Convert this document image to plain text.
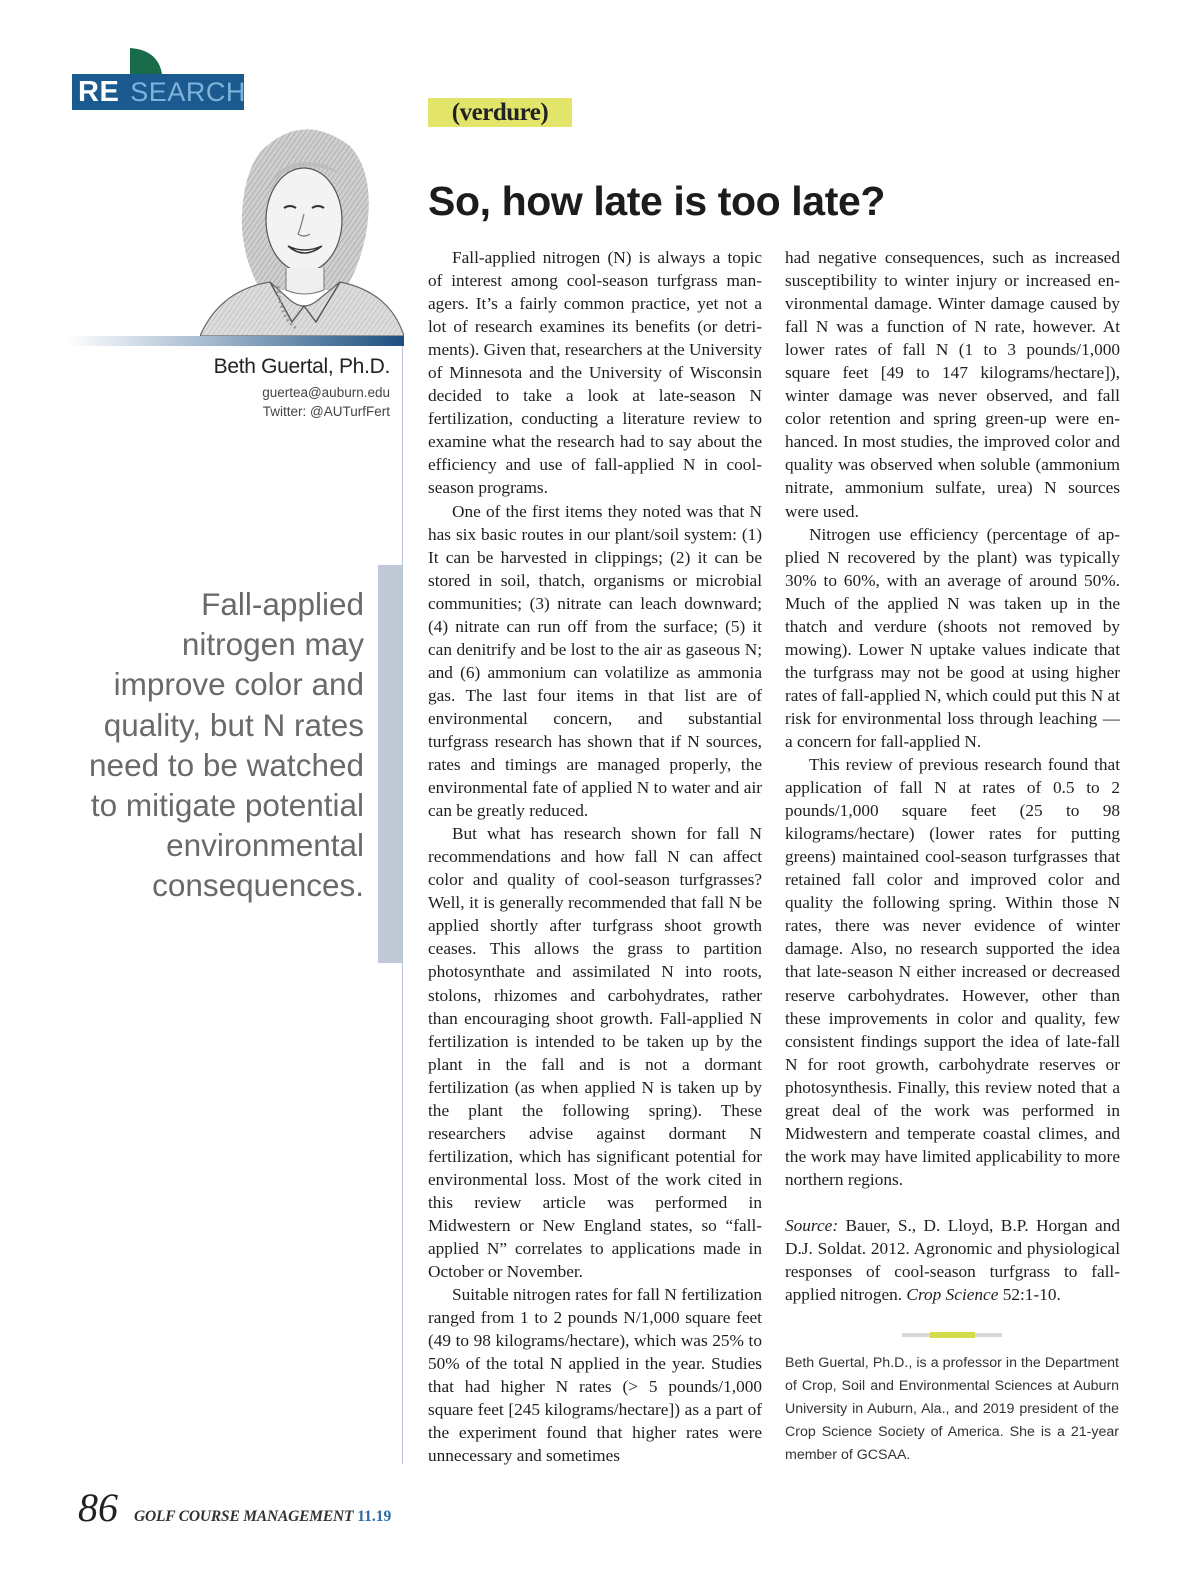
RE SEARCH
Beth Guertal, Ph.D.
guertea@auburn.edu
Twitter: @AUTurfFert
Fall-applied nitrogen may improve color and quality, but N rates need to be watched to mitigate potential environmental consequences.
(verdure)
So, how late is too late?

Fall-applied nitrogen (N) is always a topic of interest among cool-season turfgrass managers. It’s a fairly common practice, yet not a lot of research examines its benefits (or detriments). Given that, researchers at the University of Minnesota and the University of Wisconsin decided to take a look at late-season N fertilization, conducting a literature review to examine what the research had to say about the efficiency and use of fall-applied N in cool-season programs.

One of the first items they noted was that N has six basic routes in our plant/soil system: (1) It can be harvested in clippings; (2) it can be stored in soil, thatch, organisms or microbial communities; (3) nitrate can leach downward; (4) nitrate can run off from the surface; (5) it can denitrify and be lost to the air as gaseous N; and (6) ammonium can volatilize as ammonia gas. The last four items in that list are of environmental concern, and substantial turfgrass research has shown that if N sources, rates and timings are managed properly, the environmental fate of applied N to water and air can be greatly reduced.

But what has research shown for fall N recommendations and how fall N can affect color and quality of cool-season turfgrasses? Well, it is generally recommended that fall N be applied shortly after turfgrass shoot growth ceases. This allows the grass to partition photosynthate and assimilated N into roots, stolons, rhizomes and carbohydrates, rather than encouraging shoot growth. Fall-applied N fertilization is intended to be taken up by the plant in the fall and is not a dormant fertilization (as when applied N is taken up by the plant the following spring). These researchers advise against dormant N fertilization, which has significant potential for environmental loss. Most of the work cited in this review article was performed in Midwestern or New England states, so “fall-applied N” correlates to applications made in October or November.

Suitable nitrogen rates for fall N fertilization ranged from 1 to 2 pounds N/1,000 square feet (49 to 98 kilograms/hectare), which was 25% to 50% of the total N applied in the year. Studies that had higher N rates (> 5 pounds/1,000 square feet [245 kilograms/hectare]) as a part of the experiment found that higher rates were unnecessary and sometimes

had negative consequences, such as increased susceptibility to winter injury or increased environmental damage. Winter damage caused by fall N was a function of N rate, however. At lower rates of fall N (1 to 3 pounds/1,000 square feet [49 to 147 kilograms/hectare]), winter damage was never observed, and fall color retention and spring green-up were enhanced. In most studies, the improved color and quality was observed when soluble (ammonium nitrate, ammonium sulfate, urea) N sources were used.

Nitrogen use efficiency (percentage of applied N recovered by the plant) was typically 30% to 60%, with an average of around 50%. Much of the applied N was taken up in the thatch and verdure (shoots not removed by mowing). Lower N uptake values indicate that the turfgrass may not be good at using higher rates of fall-applied N, which could put this N at risk for environmental loss through leaching — a concern for fall-applied N.

This review of previous research found that application of fall N at rates of 0.5 to 2 pounds/1,000 square feet (25 to 98 kilograms/hectare) (lower rates for putting greens) maintained cool-season turfgrasses that retained fall color and improved color and quality the following spring. Within those N rates, there was never evidence of winter damage. Also, no research supported the idea that late-season N either increased or decreased reserve carbohydrates. However, other than these improvements in color and quality, few consistent findings support the idea of late-fall N for root growth, carbohydrate reserves or photosynthesis. Finally, this review noted that a great deal of the work was performed in Midwestern and temperate coastal climes, and the work may have limited applicability to more northern regions.

Source: Bauer, S., D. Lloyd, B.P. Horgan and D.J. Soldat. 2012. Agronomic and physiological responses of cool-season turfgrass to fall-applied nitrogen. Crop Science 52:1-10.

Beth Guertal, Ph.D., is a professor in the Department of Crop, Soil and Environmental Sciences at Auburn University in Auburn, Ala., and 2019 president of the Crop Science Society of America. She is a 21-year member of GCSAA.
86 GOLF COURSE MANAGEMENT 11.19
